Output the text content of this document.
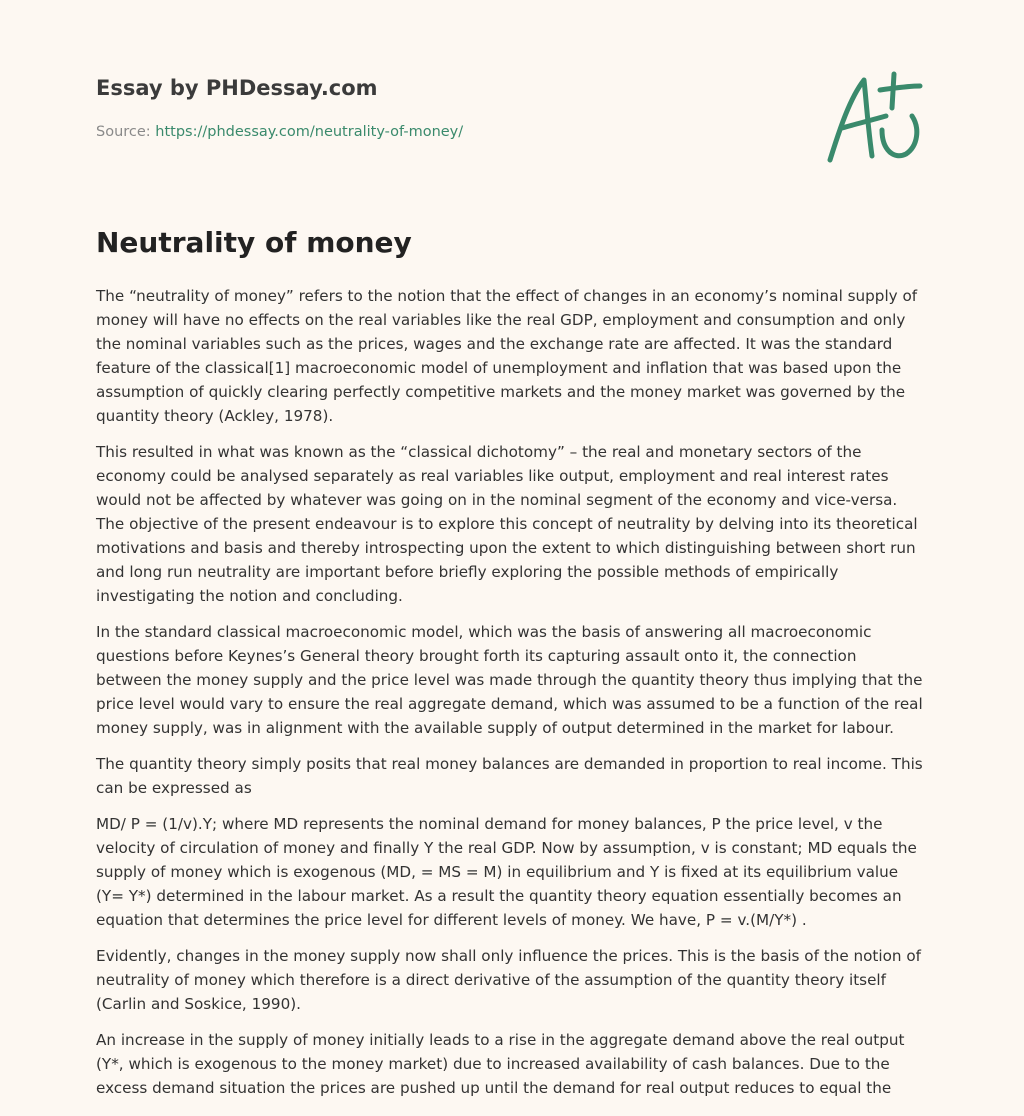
Essay by PHDessay.com

Source: https://phdessay.com/neutrality-of-money/

Neutrality of money

The “neutrality of money” refers to the notion that the effect of changes in an economy’s nominal supply of money will have no effects on the real variables like the real GDP, employment and consumption and only the nominal variables such as the prices, wages and the exchange rate are affected. It was the standard feature of the classical[1] macroeconomic model of unemployment and inflation that was based upon the assumption of quickly clearing perfectly competitive markets and the money market was governed by the quantity theory (Ackley, 1978).

This resulted in what was known as the “classical dichotomy” – the real and monetary sectors of the economy could be analysed separately as real variables like output, employment and real interest rates would not be affected by whatever was going on in the nominal segment of the economy and vice-versa. The objective of the present endeavour is to explore this concept of neutrality by delving into its theoretical motivations and basis and thereby introspecting upon the extent to which distinguishing between short run and long run neutrality are important before briefly exploring the possible methods of empirically investigating the notion and concluding.

In the standard classical macroeconomic model, which was the basis of answering all macroeconomic questions before Keynes’s General theory brought forth its capturing assault onto it, the connection between the money supply and the price level was made through the quantity theory thus implying that the price level would vary to ensure the real aggregate demand, which was assumed to be a function of the real money supply, was in alignment with the available supply of output determined in the market for labour.

The quantity theory simply posits that real money balances are demanded in proportion to real income. This can be expressed as

MD/ P = (1/v).Y; where MD represents the nominal demand for money balances, P the price level, v the velocity of circulation of money and finally Y the real GDP. Now by assumption, v is constant; MD equals the supply of money which is exogenous (MD, = MS = M) in equilibrium and Y is fixed at its equilibrium value (Y= Y*) determined in the labour market. As a result the quantity theory equation essentially becomes an equation that determines the price level for different levels of money. We have, P = v.(M/Y*) .

Evidently, changes in the money supply now shall only influence the prices. This is the basis of the notion of neutrality of money which therefore is a direct derivative of the assumption of the quantity theory itself (Carlin and Soskice, 1990).

An increase in the supply of money initially leads to a rise in the aggregate demand above the real output (Y*, which is exogenous to the money market) due to increased availability of cash balances. Due to the excess demand situation the prices are pushed up until the demand for real output reduces to equal the
